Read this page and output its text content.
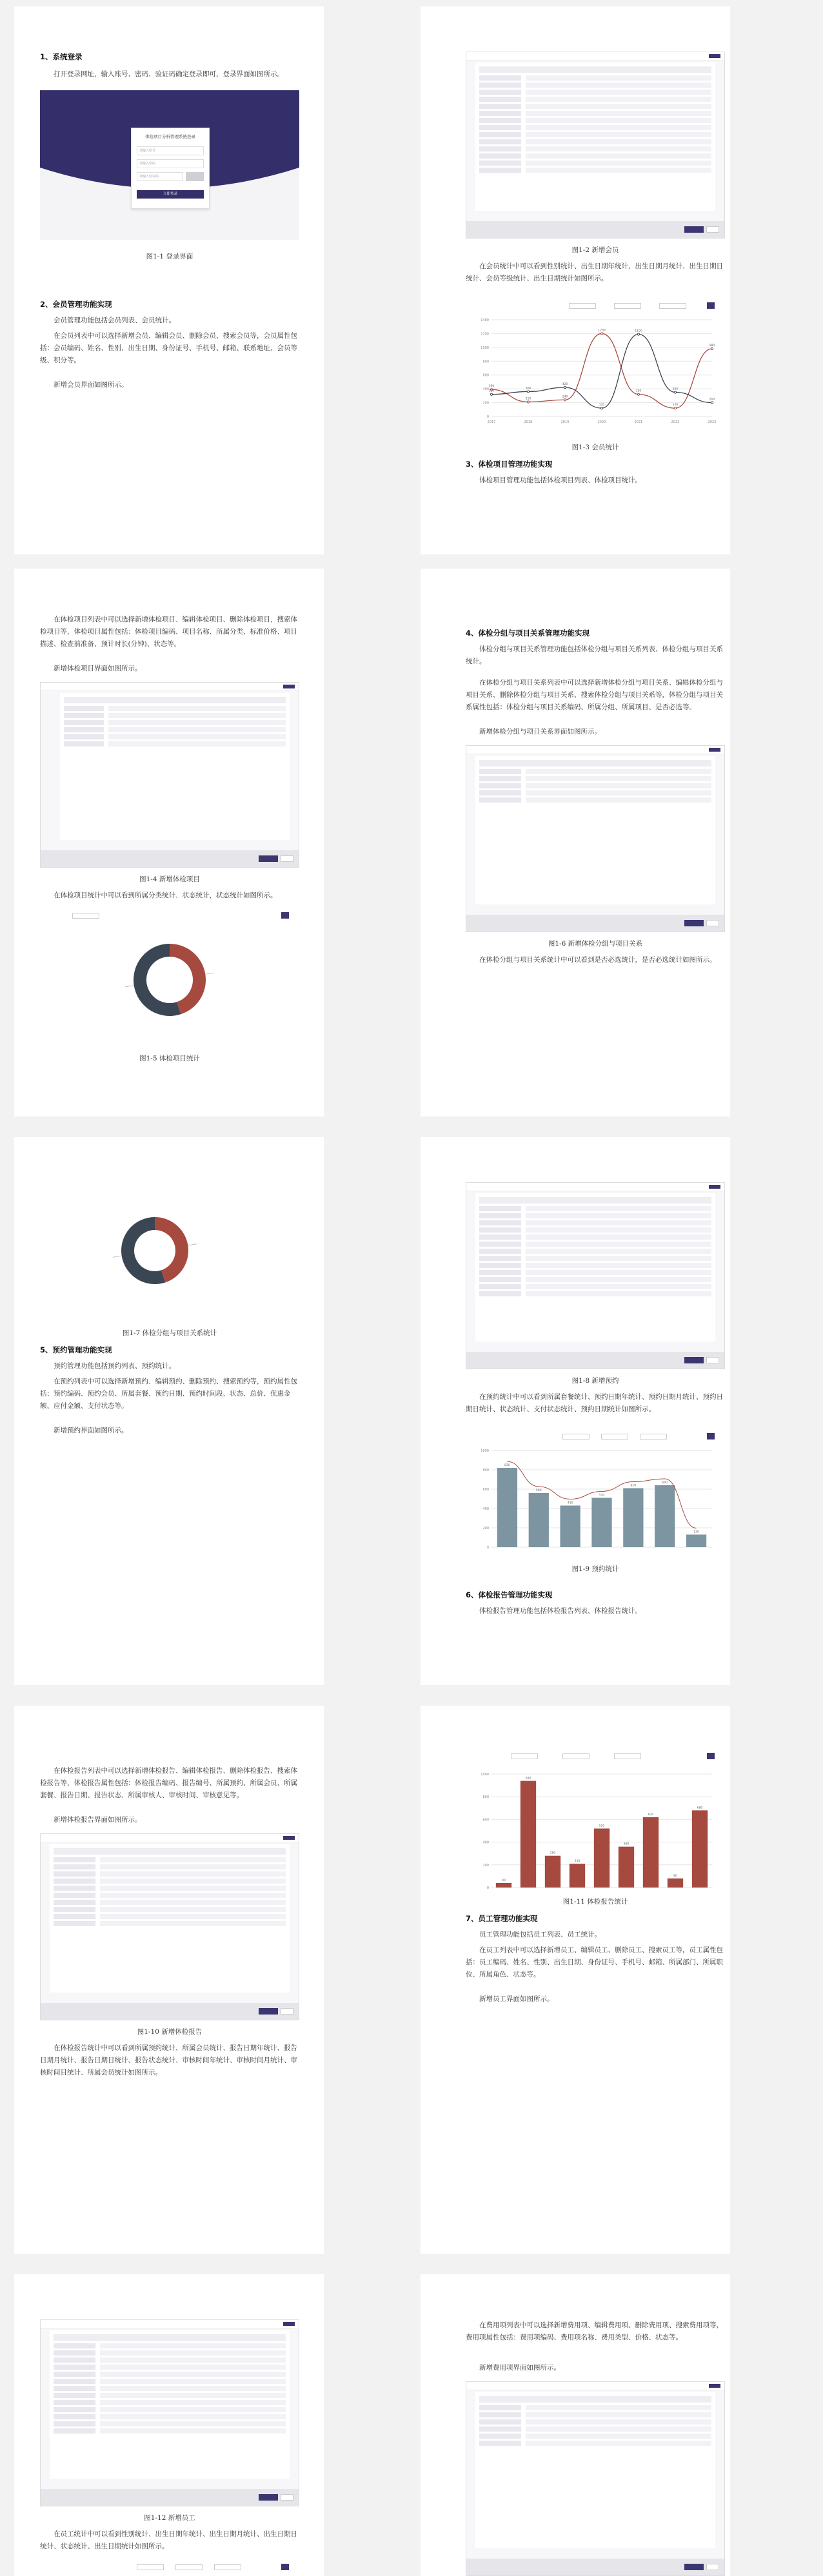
1、系统登录
打开登录网址，输入账号、密码、验证码确定登录即可，登录界面如图所示。
体检项目分析管理系统登录
请输入账号
请输入密码
请输入验证码
立即登录
图1-1 登录界面
2、会员管理功能实现
会员管理功能包括会员列表、会员统计。
在会员列表中可以选择新增会员、编辑会员、删除会员、搜索会员等，会员属性包括：会员编码、姓名、性别、出生日期、身份证号、手机号、邮箱、联系地址、会员等级、积分等。
新增会员界面如图所示。
图1-2 新增会员
在会员统计中可以看到性别统计、出生日期年统计、出生日期月统计、出生日期日统计、会员等级统计、出生日期统计如图所示。
0
200
400
600
800
1000
1200
1400
2017	2018	2019	2020	2021	2022	2023
390
210
240
1200
320
120
980
320
360
420
120
1190
350
200
图1-3 会员统计
3、体检项目管理功能实现
体检项目管理功能包括体检项目列表、体检项目统计。
在体检项目列表中可以选择新增体检项目、编辑体检项目、删除体检项目，搜索体检项目等，体检项目属性包括：体检项目编码、项目名称、所属分类、标准价格、项目描述、检查前准备、预计时长(分钟)、状态等。
新增体检项目界面如图所示。
图1-4 新增体检项目
在体检项目统计中可以看到所属分类统计、状态统计，状态统计如图所示。
图1-5 体检项目统计
4、体检分组与项目关系管理功能实现
体检分组与项目关系管理功能包括体检分组与项目关系列表、体检分组与项目关系统计。
在体检分组与项目关系列表中可以选择新增体检分组与项目关系、编辑体检分组与项目关系、删除体检分组与项目关系、搜索体检分组与项目关系等，体检分组与项目关系属性包括：体检分组与项目关系编码、所属分组、所属项目、是否必选等。
新增体检分组与项目关系界面如图所示。
图1-6 新增体检分组与项目关系
在体检分组与项目关系统计中可以看到是否必选统计，是否必选统计如图所示。
图1-7 体检分组与项目关系统计
5、预约管理功能实现
预约管理功能包括预约列表、预约统计。
在预约列表中可以选择新增预约、编辑预约、删除预约、搜索预约等，预约属性包括：预约编码、预约会员、所属套餐、预约日期、预约时间段、状态、总价、优惠金额、应付金额、支付状态等。
新增预约界面如图所示。
图1-8 新增预约
在预约统计中可以看到所属套餐统计、预约日期年统计、预约日期月统计、预约日期日统计、状态统计、支付状态统计、预约日期统计如图所示。
0
200
400
600
800
1000
820
560
430
510
610
640
130
图1-9 预约统计
6、体检报告管理功能实现
体检报告管理功能包括体检报告列表、体检报告统计。
在体检报告列表中可以选择新增体检报告、编辑体检报告、删除体检报告、搜索体检报告等，体检报告属性包括：体检报告编码、报告编号、所属预约、所属会员、所属套餐、报告日期、报告状态、所属审核人、审核时间、审核意见等。
新增体检报告界面如图所示。
图1-10 新增体检报告
在体检报告统计中可以看到所属预约统计、所属会员统计、报告日期年统计、报告日期月统计、报告日期日统计、报告状态统计、审核时间年统计、审核时间月统计、审核时间日统计、所属会员统计如图所示。
0
200
400
600
800
1000
40
940
280
210
520
360
620
80
680
图1-11 体检报告统计
7、员工管理功能实现
员工管理功能包括员工列表、员工统计。
在员工列表中可以选择新增员工、编辑员工、删除员工、搜索员工等，员工属性包括：员工编码、姓名、性别、出生日期、身份证号、手机号、邮箱、所属部门、所属职位、所属角色、状态等。
新增员工界面如图所示。
图1-12 新增员工
在员工统计中可以看到性别统计、出生日期年统计、出生日期月统计、出生日期日统计、状态统计、出生日期统计如图所示。
在费用项列表中可以选择新增费用项、编辑费用项、删除费用项、搜索费用项等，费用项属性包括：费用项编码、费用项名称、费用类型、价格、状态等。
新增费用项界面如图所示。
